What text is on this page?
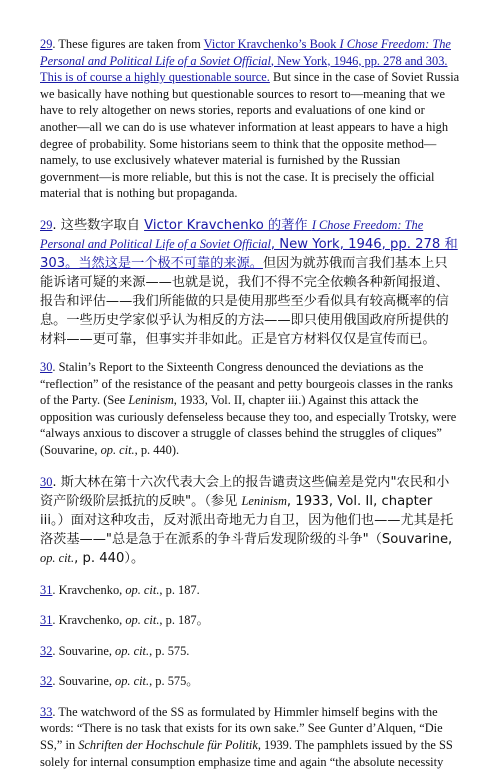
29. These figures are taken from Victor Kravchenko’s Book I Chose Freedom: The Personal and Political Life of a Soviet Official, New York, 1946, pp. 278 and 303. This is of course a highly questionable source. But since in the case of Soviet Russia we basically have nothing but questionable sources to resort to—meaning that we have to rely altogether on news stories, reports and evaluations of one kind or another—all we can do is use whatever information at least appears to have a high degree of probability. Some historians seem to think that the opposite method—namely, to use exclusively whatever material is furnished by the Russian government—is more reliable, but this is not the case. It is precisely the official material that is nothing but propaganda.

29. 这些数字取自 Victor Kravchenko 的著作 I Chose Freedom: The Personal and Political Life of a Soviet Official, New York, 1946, pp. 278 和 303。当然这是一个极不可靠的来源。但因为就苏俄而言我们基本上只能诉诸可疑的来源——也就是说，我们不得不完全依赖各种新闻报道、报告和评估——我们所能做的只是使用那些至少看似具有较高概率的信息。一些历史学家似乎认为相反的方法——即只使用俄国政府所提供的材料——更可靠，但事实并非如此。正是官方材料仅仅是宣传而已。

30. Stalin’s Report to the Sixteenth Congress denounced the deviations as the “reflection” of the resistance of the peasant and petty bourgeois classes in the ranks of the Party. (See Leninism, 1933, Vol. II, chapter iii.) Against this attack the opposition was curiously defenseless because they too, and especially Trotsky, were “always anxious to discover a struggle of classes behind the struggles of cliques” (Souvarine, op. cit., p. 440).

30. 斯大林在第十六次代表大会上的报告谴责这些偏差是党内"农民和小资产阶级阶层抵抗的反映"。（参见 Leninism, 1933, Vol. II, chapter iii。）面对这种攻击，反对派出奇地无力自卫，因为他们也——尤其是托洛茨基——"总是急于在派系的争斗背后发现阶级的斗争"（Souvarine, op. cit., p. 440）。

31. Kravchenko, op. cit., p. 187.

31. Kravchenko, op. cit., p. 187。

32. Souvarine, op. cit., p. 575.

32. Souvarine, op. cit., p. 575。

33. The watchword of the SS as formulated by Himmler himself begins with the words: “There is no task that exists for its own sake.” See Gunter d’Alquen, “Die SS,” in Schriften der Hochschule für Politik, 1939. The pamphlets issued by the SS solely for internal consumption emphasize time and again “the absolute necessity
